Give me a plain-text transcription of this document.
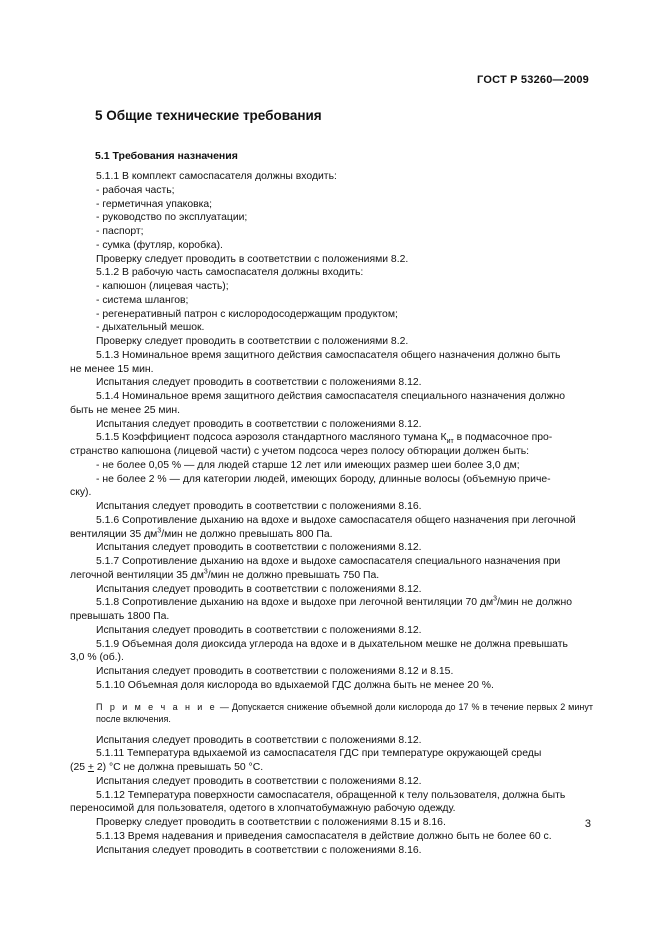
ГОСТ Р 53260—2009
5 Общие технические требования
5.1 Требования назначения

5.1.1 В комплект самоспасателя должны входить:

- рабочая часть;

- герметичная упаковка;

- руководство по эксплуатации;

- паспорт;

- сумка (футляр, коробка).

Проверку следует проводить в соответствии с положениями 8.2.

5.1.2 В рабочую часть самоспасателя должны входить:

- капюшон (лицевая часть);

- система шлангов;

- регенеративный патрон с кислородосодержащим продуктом;

- дыхательный мешок.

Проверку следует проводить в соответствии с положениями 8.2.

5.1.3 Номинальное время защитного действия самоспасателя общего назначения должно быть

не менее 15 мин.

Испытания следует проводить в соответствии с положениями 8.12.

5.1.4 Номинальное время защитного действия самоспасателя специального назначения должно

быть не менее 25 мин.

Испытания следует проводить в соответствии с положениями 8.12.

5.1.5 Коэффициент подсоса аэрозоля стандартного масляного тумана $К_{ит}$ в подмасочное про-

странство капюшона (лицевой части) с учетом подсоса через полосу обтюрации должен быть:

- не более 0,05 % — для людей старше 12 лет или имеющих размер шеи более 3,0 дм;

- не более 2 % — для категории людей, имеющих бороду, длинные волосы (объемную приче-

ску).

Испытания следует проводить в соответствии с положениями 8.16.

5.1.6 Сопротивление дыханию на вдохе и выдохе самоспасателя общего назначения при легочной

вентиляции 35 $дм^3$/мин не должно превышать 800 Па.

Испытания следует проводить в соответствии с положениями 8.12.

5.1.7 Сопротивление дыханию на вдохе и выдохе самоспасателя специального назначения при

легочной вентиляции 35 $дм^3$/мин не должно превышать 750 Па.

Испытания следует проводить в соответствии с положениями 8.12.

5.1.8 Сопротивление дыханию на вдохе и выдохе при легочной вентиляции 70 $дм^3$/мин не должно

превышать 1800 Па.

Испытания следует проводить в соответствии с положениями 8.12.

5.1.9 Объемная доля диоксида углерода на вдохе и в дыхательном мешке не должна превышать

3,0 % (об.).

Испытания следует проводить в соответствии с положениями 8.12 и 8.15.

5.1.10 Объемная доля кислорода во вдыхаемой ГДС должна быть не менее 20 %.

П р и м е ч а н и е — Допускается снижение объемной доли кислорода до 17 % в течение первых 2 минут после включения.

Испытания следует проводить в соответствии с положениями 8.12.

5.1.11 Температура вдыхаемой из самоспасателя ГДС при температуре окружающей среды

(25 + 2) °С не должна превышать 50 °С.

Испытания следует проводить в соответствии с положениями 8.12.

5.1.12 Температура поверхности самоспасателя, обращенной к телу пользователя, должна быть

переносимой для пользователя, одетого в хлопчатобумажную рабочую одежду.

Проверку следует проводить в соответствии с положениями 8.15 и 8.16.

5.1.13 Время надевания и приведения самоспасателя в действие должно быть не более 60 с.

Испытания следует проводить в соответствии с положениями 8.16.

3
